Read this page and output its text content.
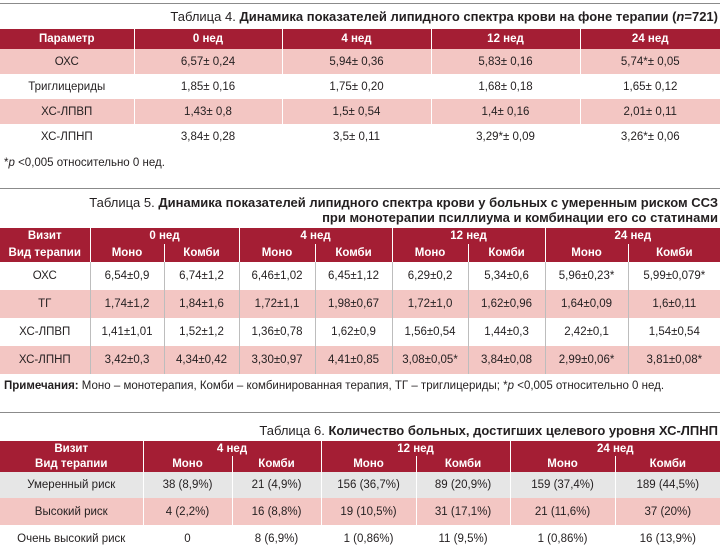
Таблица 4. Динамика показателей липидного спектра крови на фоне терапии (n=721)
Параметр	0 нед	4 нед	12 нед	24 нед
ОХС	6,57± 0,24	5,94± 0,36	5,83± 0,16	5,74*± 0,05
Триглицериды	1,85± 0,16	1,75± 0,20	1,68± 0,18	1,65± 0,12
ХС-ЛПВП	1,43± 0,8	1,5± 0,54	1,4± 0,16	2,01± 0,11
ХС-ЛПНП	3,84± 0,28	3,5± 0,11	3,29*± 0,09	3,26*± 0,06
*p <0,005 относительно 0 нед.
Таблица 5. Динамика показателей липидного спектра крови у больных с умеренным риском ССЗ
при монотерапии псиллиума и комбинации его со статинами
Визит	0 нед		4 нед		12 нед		24 нед	
Вид терапии	Моно	Комби	Моно	Комби	Моно	Комби	Моно	Комби
ОХС	6,54±0,9	6,74±1,2	6,46±1,02	6,45±1,12	6,29±0,2	5,34±0,6	5,96±0,23*	5,99±0,079*
ТГ	1,74±1,2	1,84±1,6	1,72±1,1	1,98±0,67	1,72±1,0	1,62±0,96	1,64±0,09	1,6±0,11
ХС-ЛПВП	1,41±1,01	1,52±1,2	1,36±0,78	1,62±0,9	1,56±0,54	1,44±0,3	2,42±0,1	1,54±0,54
ХС-ЛПНП	3,42±0,3	4,34±0,42	3,30±0,97	4,41±0,85	3,08±0,05*	3,84±0,08	2,99±0,06*	3,81±0,08*
Примечания: Моно – монотерапия, Комби – комбинированная терапия, ТГ – триглицериды; *p <0,005 относительно 0 нед.
Таблица 6. Количество больных, достигших целевого уровня ХС-ЛПНП
Визит	4 нед		12 нед		24 нед	
Вид терапии	Моно	Комби	Моно	Комби	Моно	Комби
Умеренный риск	38 (8,9%)	21 (4,9%)	156 (36,7%)	89 (20,9%)	159 (37,4%)	189 (44,5%)
Высокий риск	4 (2,2%)	16 (8,8%)	19 (10,5%)	31 (17,1%)	21 (11,6%)	37 (20%)
Очень высокий риск	0	8 (6,9%)	1 (0,86%)	11 (9,5%)	1 (0,86%)	16 (13,9%)
